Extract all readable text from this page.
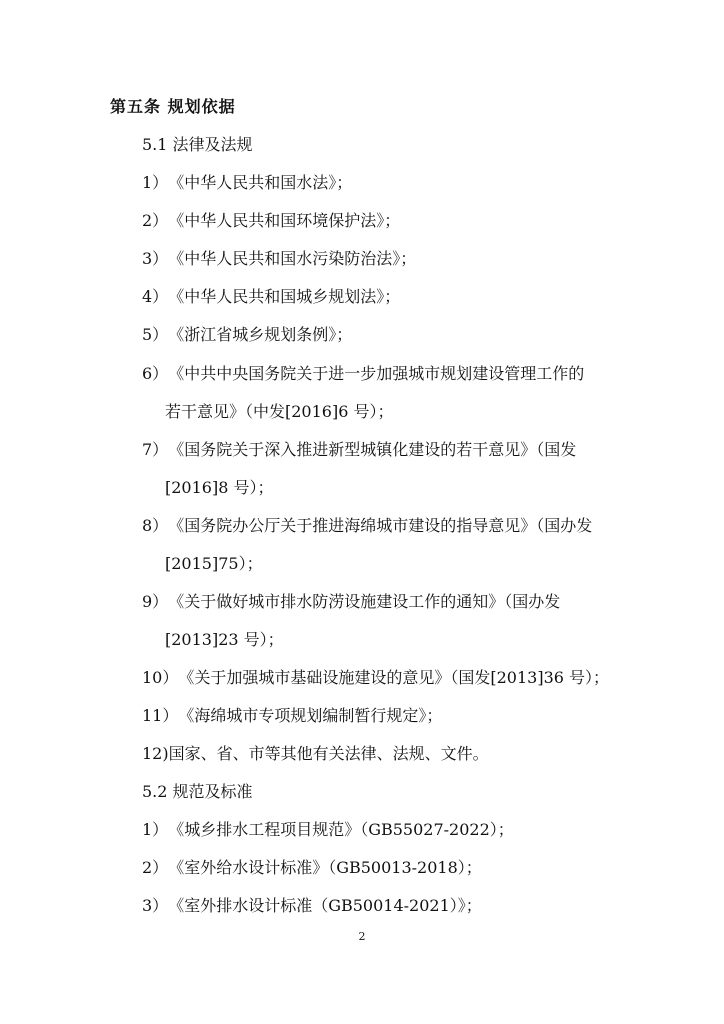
第五条 规划依据
5.1 法律及法规
1）《中华人民共和国水法》；
2）《中华人民共和国环境保护法》；
3）《中华人民共和国水污染防治法》；
4）《中华人民共和国城乡规划法》；
5）《浙江省城乡规划条例》；
6）《中共中央国务院关于进一步加强城市规划建设管理工作的
若干意见》（中发[2016]6 号）；
7）《国务院关于深入推进新型城镇化建设的若干意见》（国发
[2016]8 号）；
8）《国务院办公厅关于推进海绵城市建设的指导意见》（国办发
[2015]75）；
9）《关于做好城市排水防涝设施建设工作的通知》（国办发
[2013]23 号）；
10）《关于加强城市基础设施建设的意见》（国发[2013]36 号）；
11）《海绵城市专项规划编制暂行规定》；
12)国家、省、市等其他有关法律、法规、文件。
5.2 规范及标准
1）《城乡排水工程项目规范》（GB55027-2022）；
2）《室外给水设计标准》（GB50013-2018）；
3）《室外排水设计标准（GB50014-2021）》；
2
